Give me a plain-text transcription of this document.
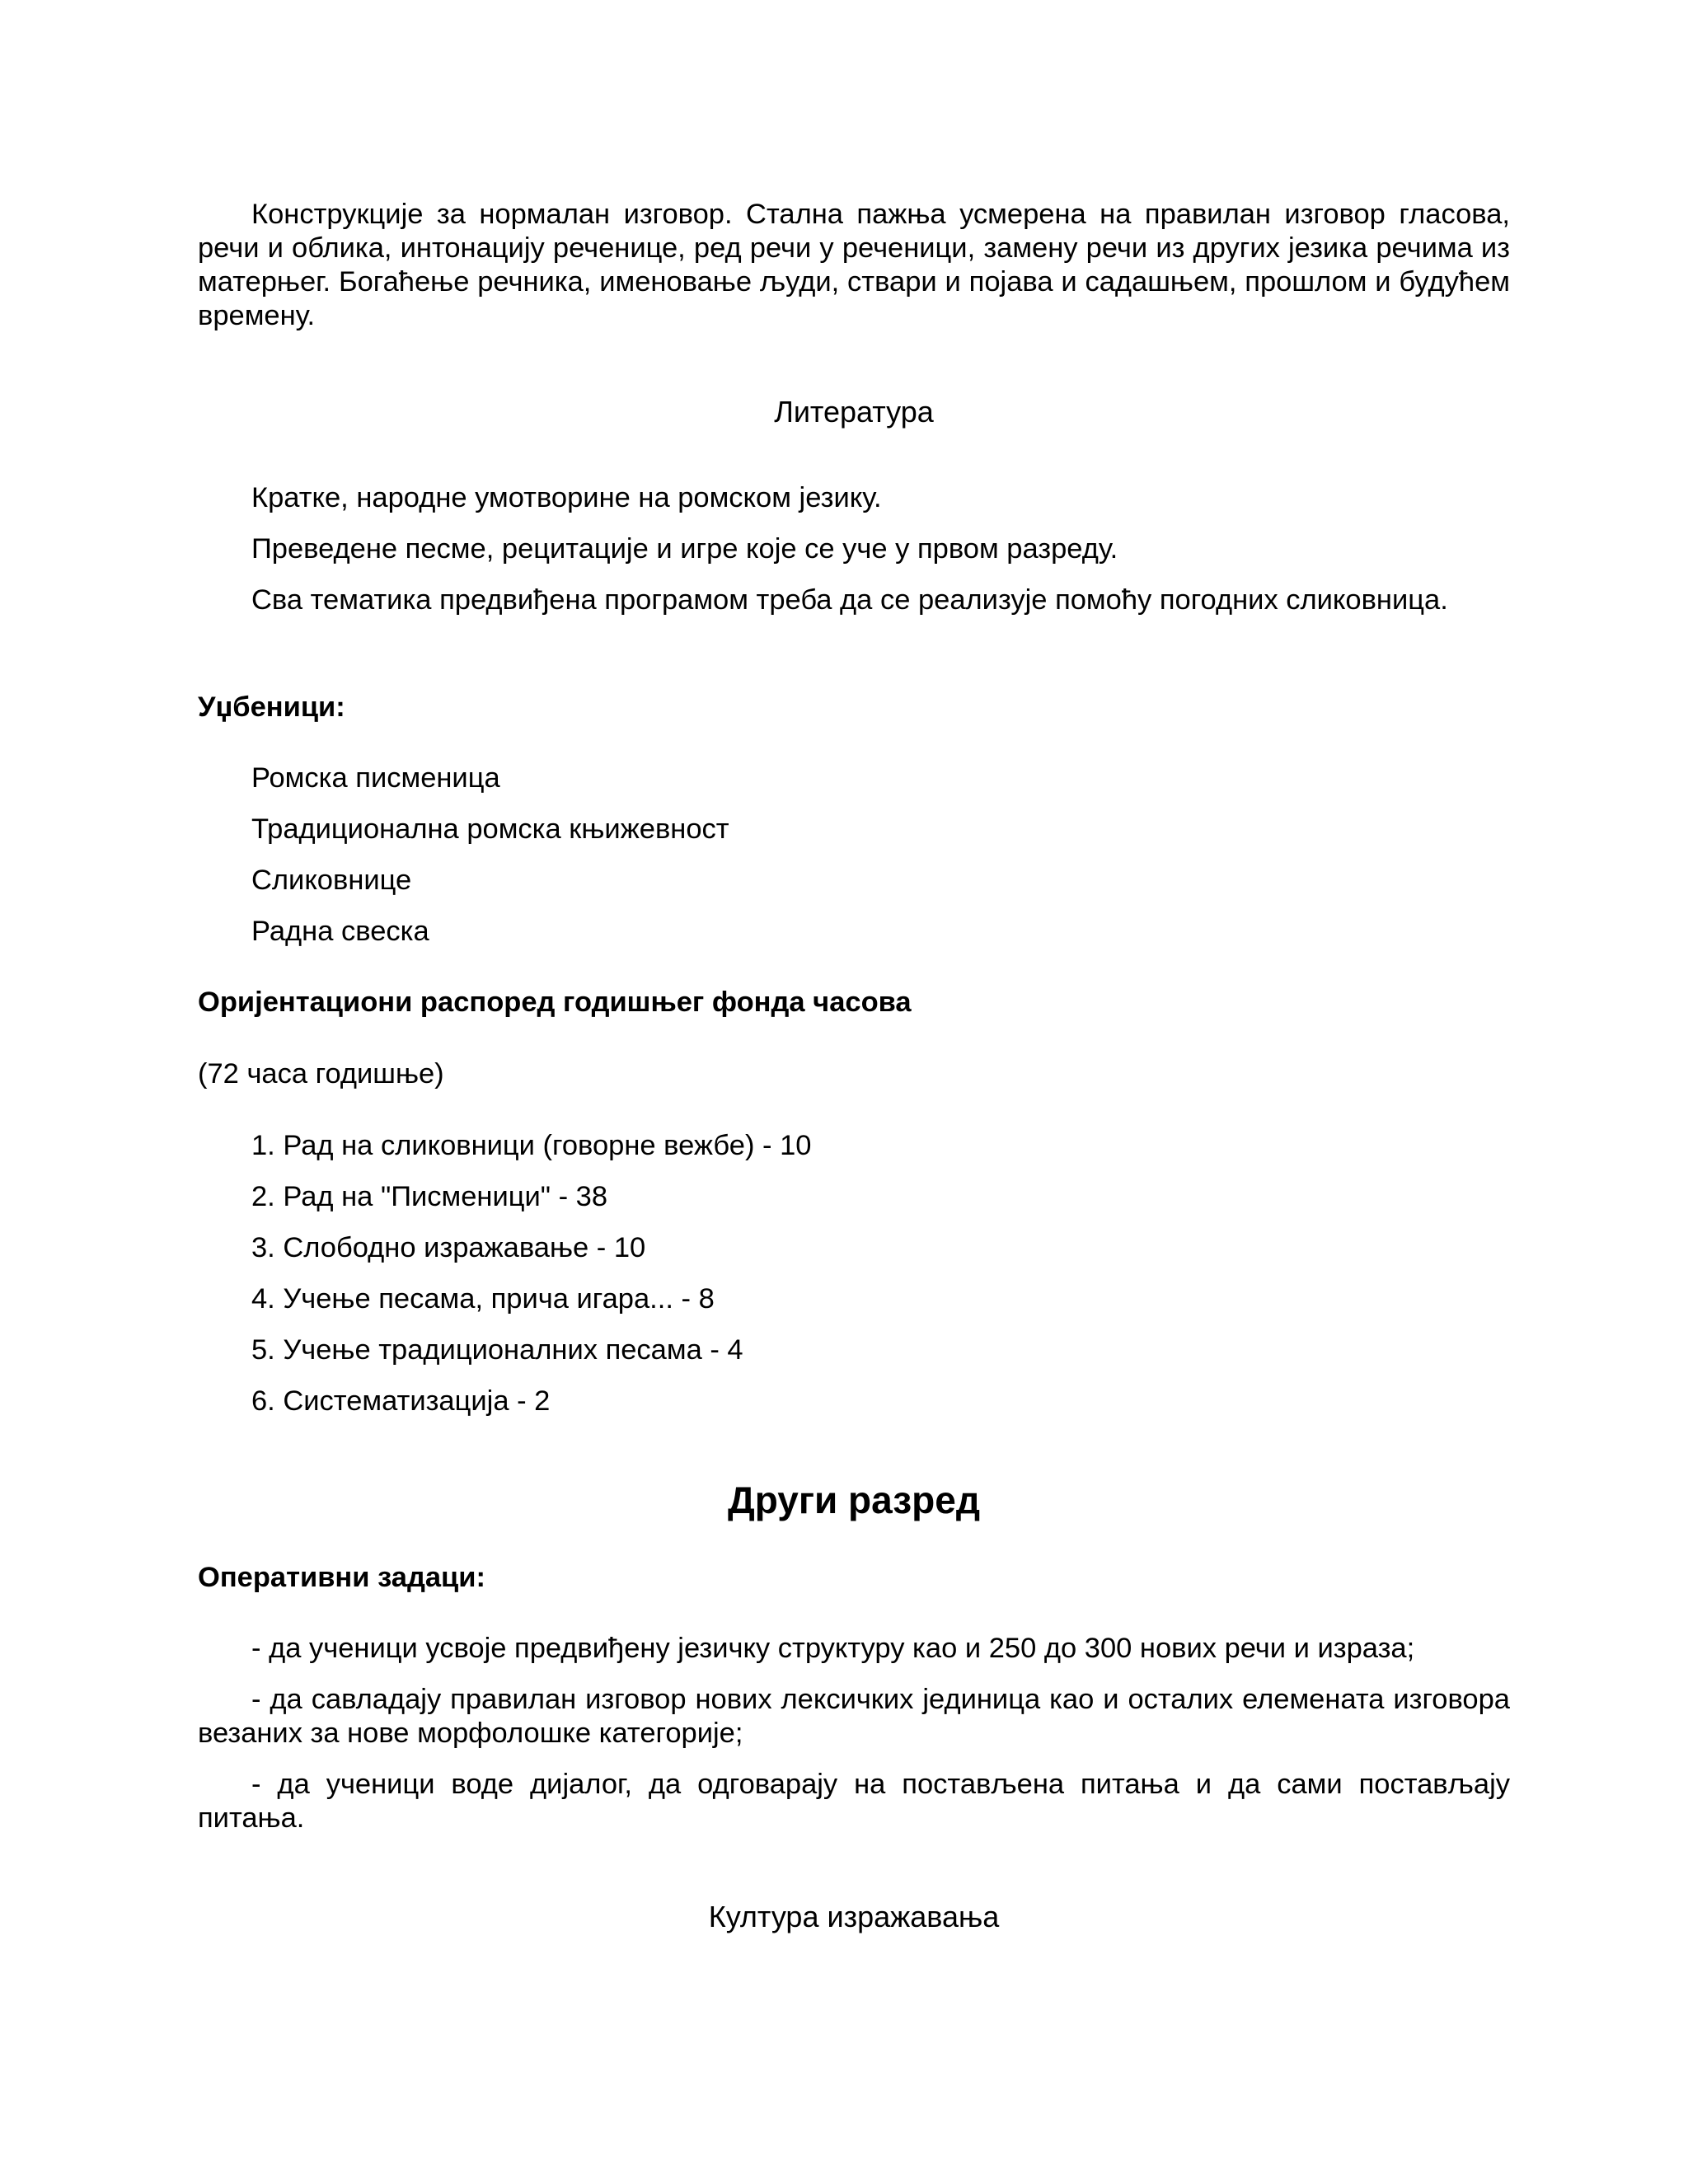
Конструкције за нормалан изговор. Стална пажња усмерена на правилан изговор гласова, речи и облика, интонацију реченице, ред речи у реченици, замену речи из других језика речима из матерњег. Богаћење речника, именовање људи, ствари и појава и садашњем, прошлом и будућем времену.

Литература

Кратке, народне умотворине на ромском језику.

Преведене песме, рецитације и игре које се уче у првом разреду.

Сва тематика предвиђена програмом треба да се реализује помоћу погодних сликовница.

Уџбеници:
Ромска писменица
Традиционална ромска књижевност
Сликовнице
Радна свеска
Оријентациони распоред годишњег фонда часова
(72 часа годишње)
1. Рад на сликовници (говорне вежбе) - 10
2. Рад на "Писменици" - 38
3. Слободно изражавање - 10
4. Учење песама, прича игара... - 8
5. Учење традиционалних песама - 4
6. Систематизација - 2
Други разред
Оперативни задаци:

- да ученици усвоје предвиђену језичку структуру као и 250 до 300 нових речи и израза;

- да савладају правилан изговор нових лексичких јединица као и осталих елемената изговора везаних за нове морфолошке категорије;

- да ученици воде дијалог, да одговарају на постављена питања и да сами постављају питања.

Култура изражавања
